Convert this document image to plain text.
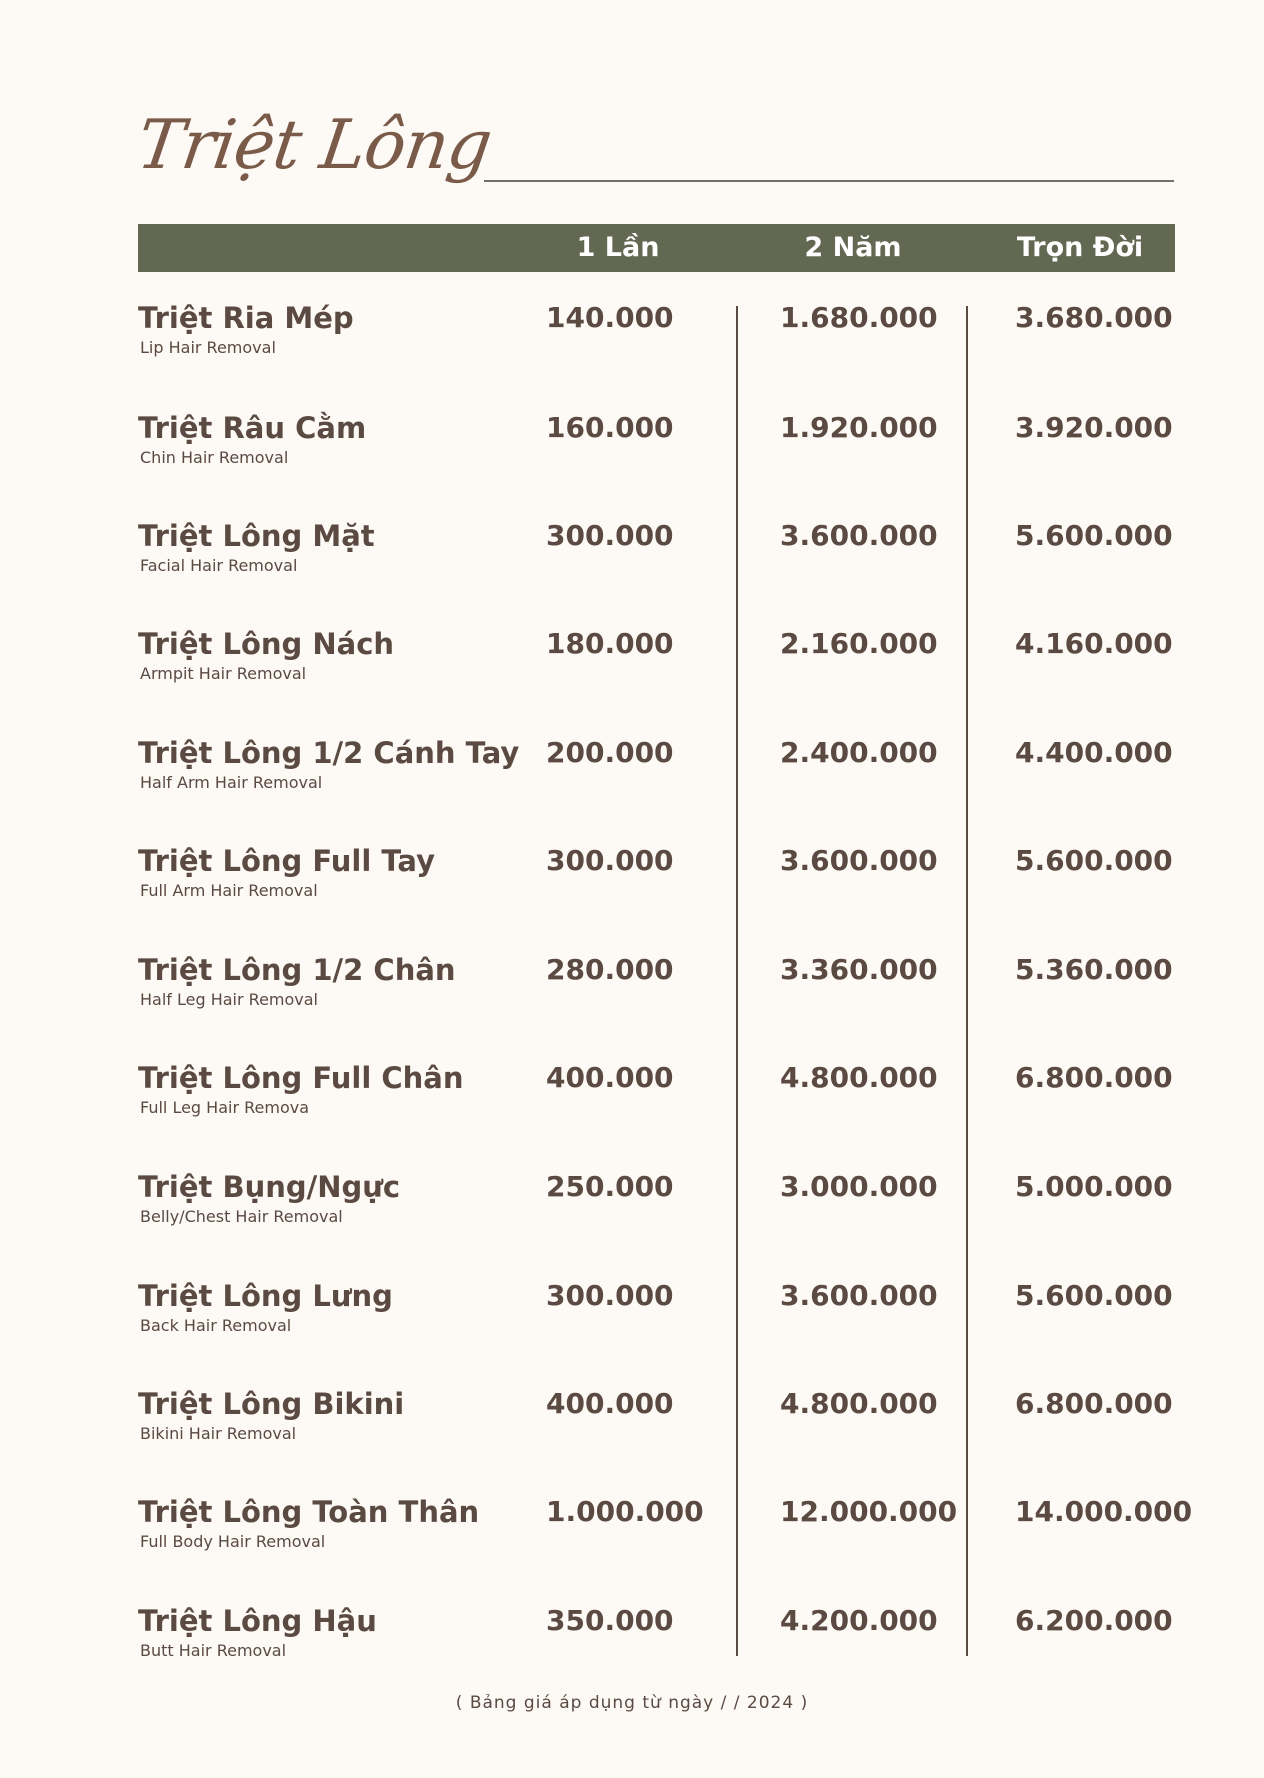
Triệt Lông
1 Lần	2 Năm	Trọn Đời
Triệt Ria Mép
Lip Hair Removal
140.000	1.680.000	3.680.000
Triệt Râu Cằm
Chin Hair Removal
160.000	1.920.000	3.920.000
Triệt Lông Mặt
Facial Hair Removal
300.000	3.600.000	5.600.000
Triệt Lông Nách
Armpit Hair Removal
180.000	2.160.000	4.160.000
Triệt Lông 1/2 Cánh Tay
Half Arm Hair Removal
200.000	2.400.000	4.400.000
Triệt Lông Full Tay
Full Arm Hair Removal
300.000	3.600.000	5.600.000
Triệt Lông 1/2 Chân
Half Leg Hair Removal
280.000	3.360.000	5.360.000
Triệt Lông Full Chân
Full Leg Hair Remova
400.000	4.800.000	6.800.000
Triệt Bụng/Ngực
Belly/Chest Hair Removal
250.000	3.000.000	5.000.000
Triệt Lông Lưng
Back Hair Removal
300.000	3.600.000	5.600.000
Triệt Lông Bikini
Bikini Hair Removal
400.000	4.800.000	6.800.000
Triệt Lông Toàn Thân
Full Body Hair Removal
1.000.000	12.000.000 14.000.000
Triệt Lông Hậu
Butt Hair Removal
350.000	4.200.000	6.200.000
( Bảng giá áp dụng từ ngày / / 2024 )
